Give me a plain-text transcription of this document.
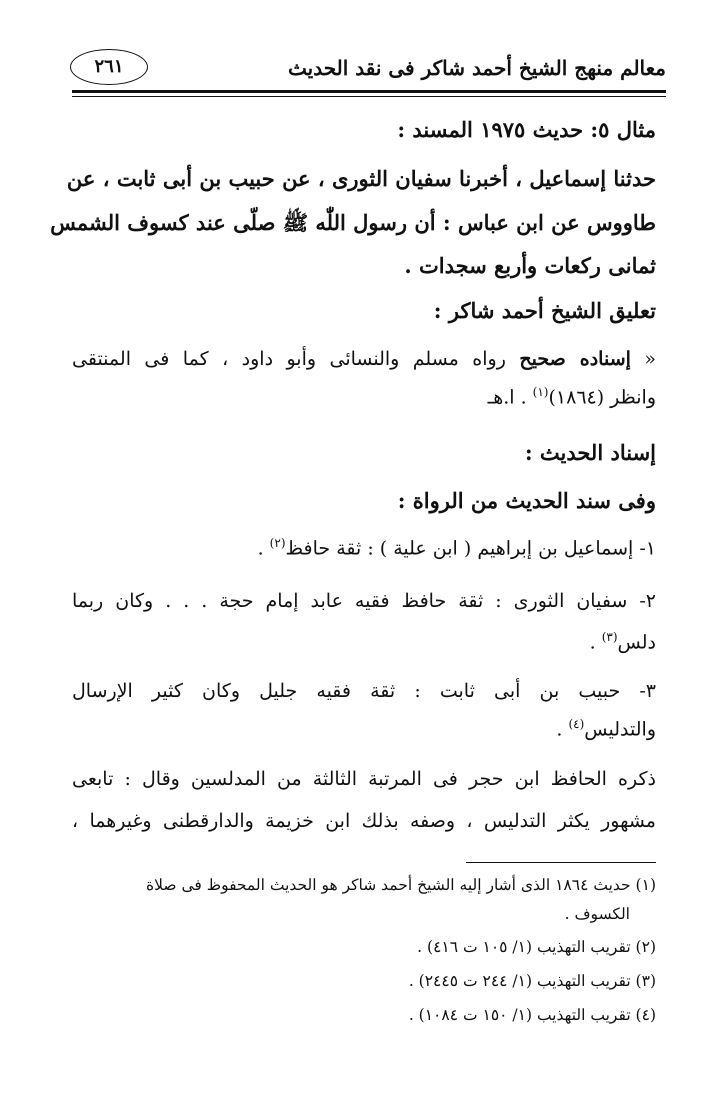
معالم منهج الشيخ أحمد شاكر فى نقد الحديث
٢٦١
مثال ٥: حديث ١٩٧٥ المسند :
حدثنا إسماعيل ، أخبرنا سفيان الثورى ، عن حبيب بن أبى ثابت ، عن
طاووس عن ابن عباس : أن رسول اللّٰه ﷺ صلّى عند كسوف الشمس
ثمانى ركعات وأربع سجدات .
تعليق الشيخ أحمد شاكر :
« إسناده صحيح رواه مسلم والنسائى وأبو داود ، كما فى المنتقى
وانظر (١٨٦٤)$^{(١)}$ . ا.هـ
إسناد الحديث :
وفى سند الحديث من الرواة :
١- إسماعيل بن إبراهيم ( ابن علية ) : ثقة حافظ$^{(٢)}$ .
٢- سفيان الثورى : ثقة حافظ فقيه عابد إمام حجة . . . وكان ربما
دلس$^{(٣)}$ .
٣- حبيب بن أبى ثابت : ثقة فقيه جليل وكان كثير الإرسال
والتدليس$^{(٤)}$ .
ذكره الحافظ ابن حجر فى المرتبة الثالثة من المدلسين وقال : تابعى
مشهور يكثر التدليس ، وصفه بذلك ابن خزيمة والدارقطنى وغيرهما ،
(١) حديث ١٨٦٤ الذى أشار إليه الشيخ أحمد شاكر هو الحديث المحفوظ فى صلاة
الكسوف .
(٢) تقريب التهذيب (١/ ١٠٥ ت ٤١٦) .
(٣) تقريب التهذيب (١/ ٢٤٤ ت ٢٤٤٥) .
(٤) تقريب التهذيب (١/ ١٥٠ ت ١٠٨٤) .
